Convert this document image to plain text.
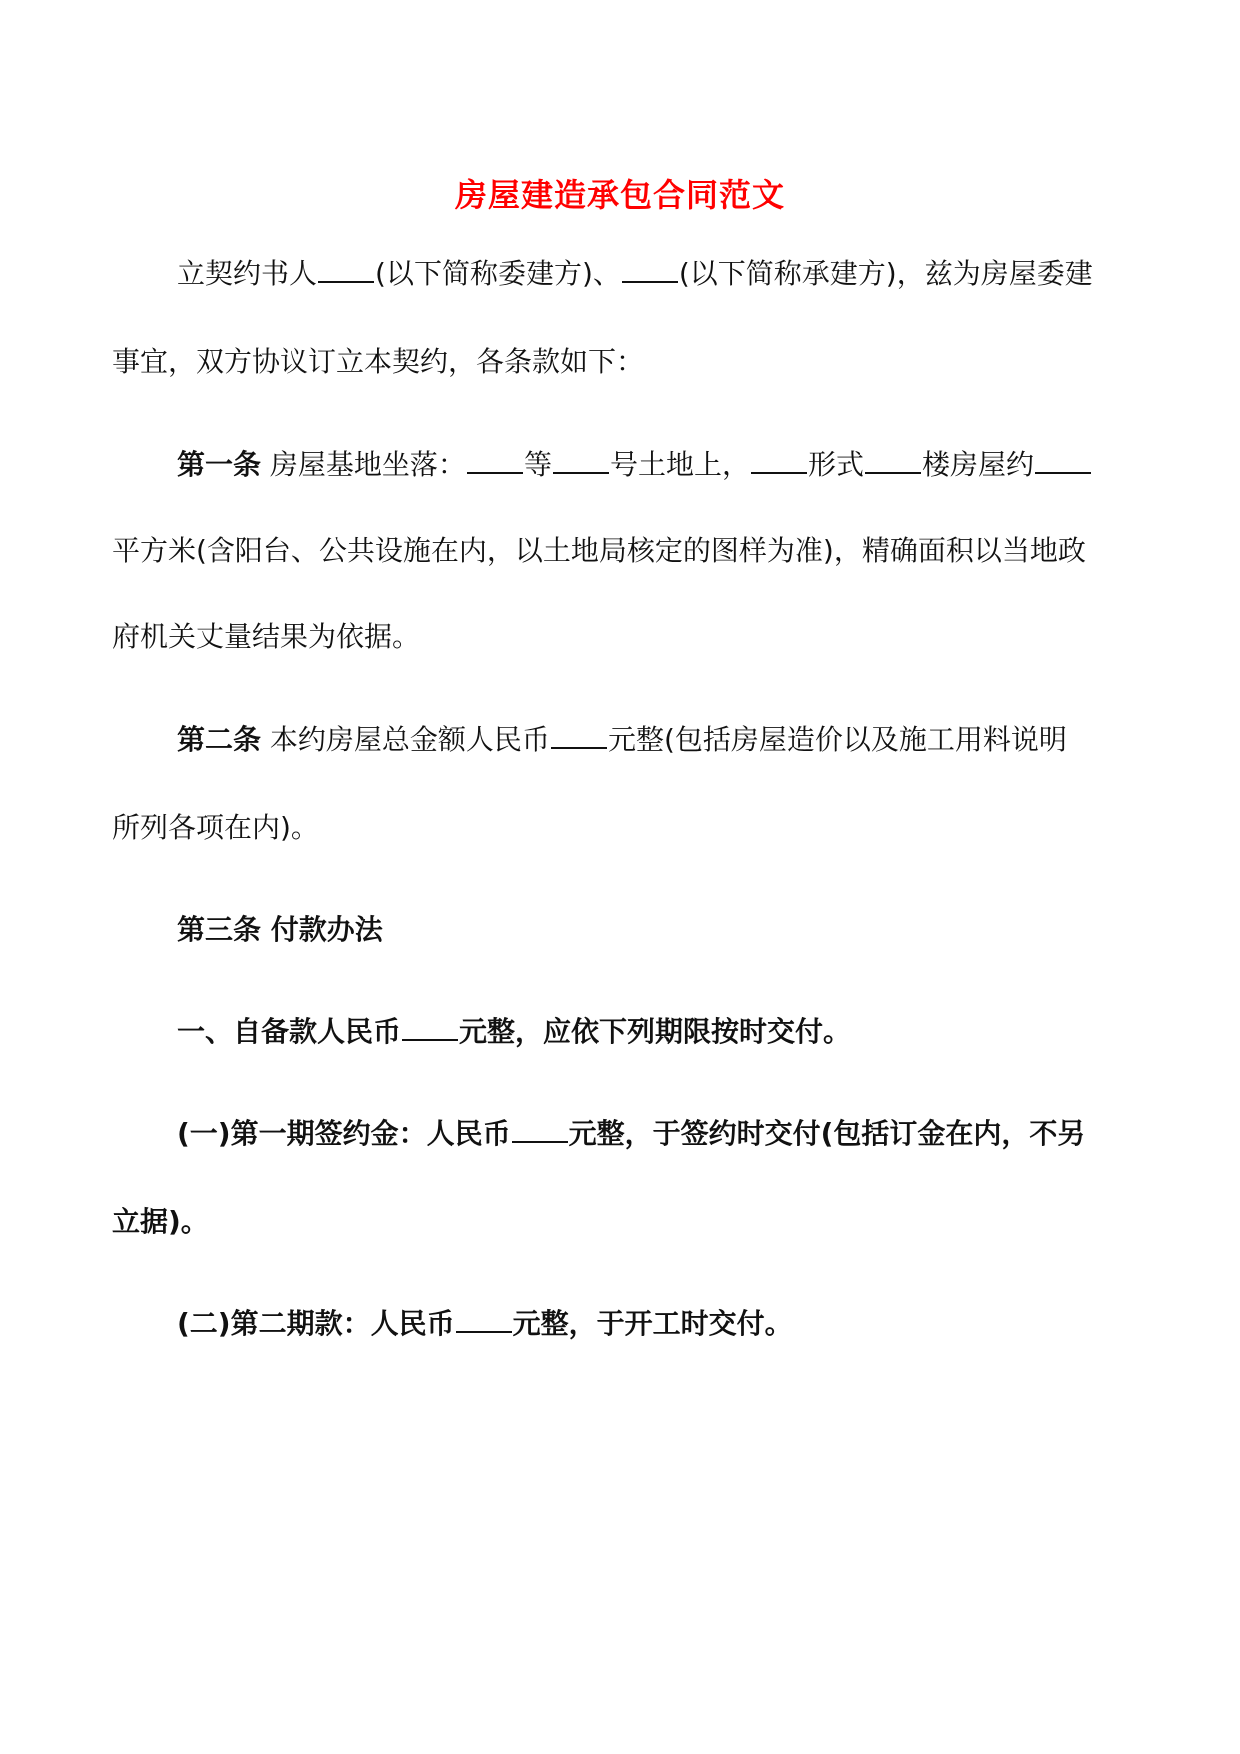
房屋建造承包合同范文
立契约书人 (以下简称委建方)、 (以下简称承建方)，兹为房屋委建
事宜，双方协议订立本契约，各条款如下：
第一条 房屋基地坐落： 等 号土地上， 形式 楼房屋约
平方米(含阳台、公共设施在内，以土地局核定的图样为准)，精确面积以当地政
府机关丈量结果为依据。
第二条 本约房屋总金额人民币 元整(包括房屋造价以及施工用料说明
所列各项在内)。
第三条 付款办法
一、自备款人民币 元整，应依下列期限按时交付。
(一)第一期签约金：人民币 元整，于签约时交付(包括订金在内，不另
立据)。
(二)第二期款：人民币 元整，于开工时交付。
